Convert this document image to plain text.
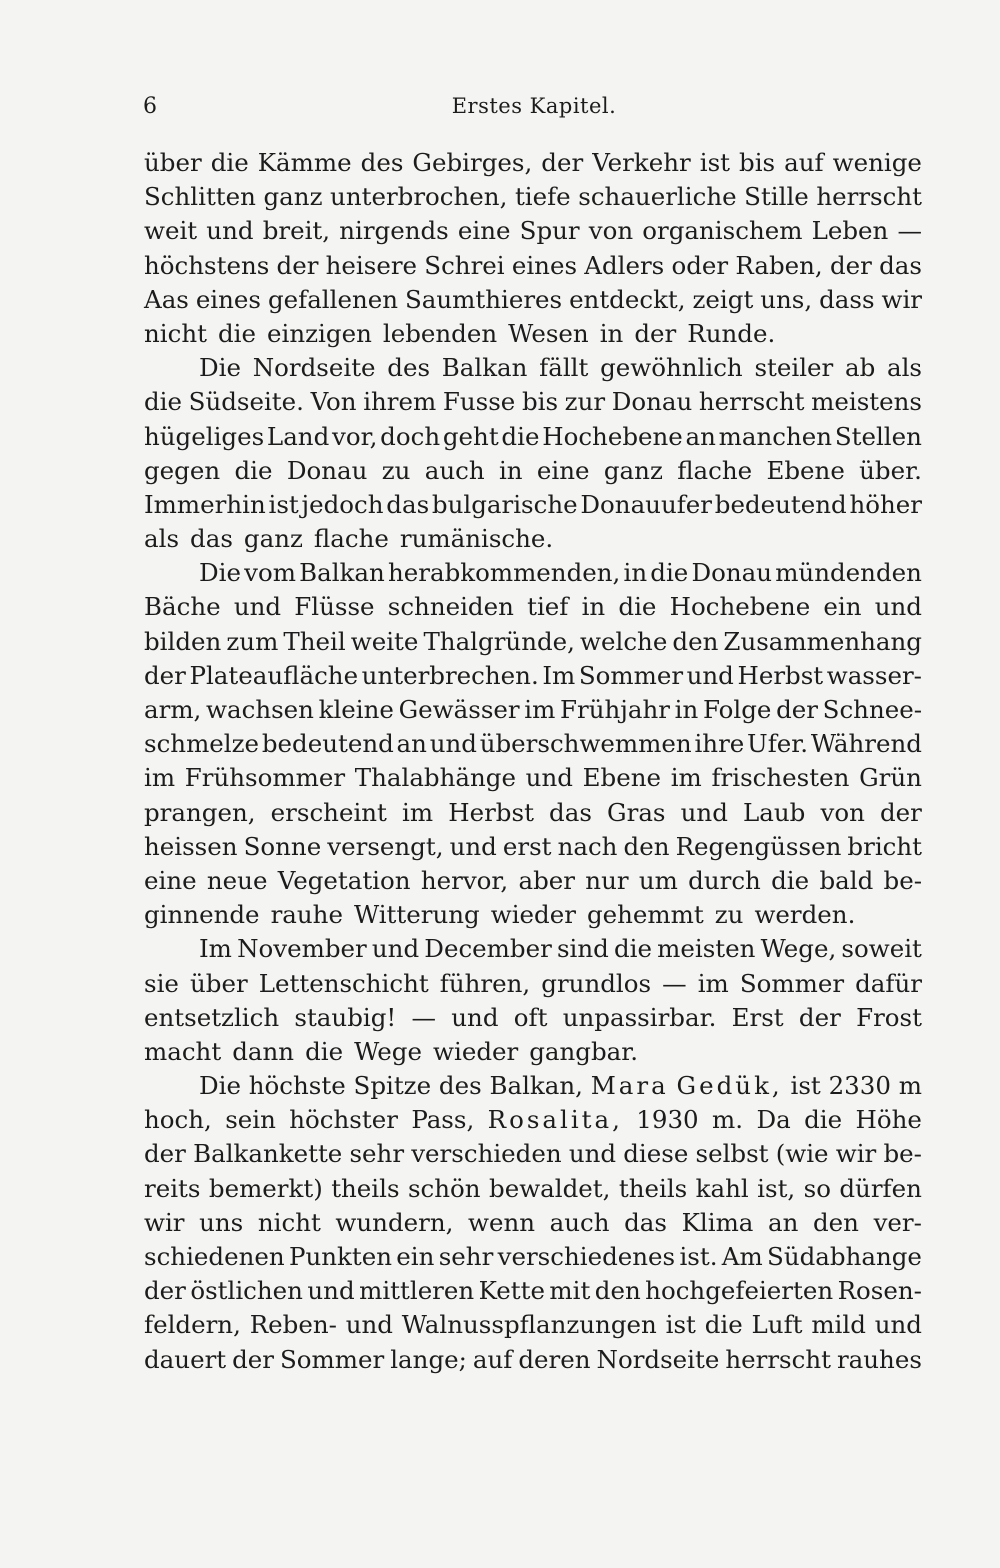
6	Erstes Kapitel.
über die Kämme des Gebirges, der Verkehr ist bis auf wenige
Schlitten ganz unterbrochen, tiefe schauerliche Stille herrscht
weit und breit, nirgends eine Spur von organischem Leben —
höchstens der heisere Schrei eines Adlers oder Raben, der das
Aas eines gefallenen Saumthieres entdeckt, zeigt uns, dass wir
nicht die einzigen lebenden Wesen in der Runde.
Die Nordseite des Balkan fällt gewöhnlich steiler ab als
die Südseite. Von ihrem Fusse bis zur Donau herrscht meistens
hügeliges Land vor, doch geht die Hochebene an manchen Stellen
gegen die Donau zu auch in eine ganz flache Ebene über.
Immerhin ist jedoch das bulgarische Donauufer bedeutend höher
als das ganz flache rumänische.
Die vom Balkan herabkommenden, in die Donau mündenden
Bäche und Flüsse schneiden tief in die Hochebene ein und
bilden zum Theil weite Thalgründe, welche den Zusammenhang
der Plateaufläche unterbrechen. Im Sommer und Herbst wasser-
arm, wachsen kleine Gewässer im Frühjahr in Folge der Schnee-
schmelze bedeutend an und überschwemmen ihre Ufer. Während
im Frühsommer Thalabhänge und Ebene im frischesten Grün
prangen, erscheint im Herbst das Gras und Laub von der
heissen Sonne versengt, und erst nach den Regengüssen bricht
eine neue Vegetation hervor, aber nur um durch die bald be-
ginnende rauhe Witterung wieder gehemmt zu werden.
Im November und December sind die meisten Wege, soweit
sie über Lettenschicht führen, grundlos — im Sommer dafür
entsetzlich staubig! — und oft unpassirbar. Erst der Frost
macht dann die Wege wieder gangbar.
Die höchste Spitze des Balkan, Mara Gedük, ist 2330 m
hoch, sein höchster Pass, Rosalita, 1930 m. Da die Höhe
der Balkankette sehr verschieden und diese selbst (wie wir be-
reits bemerkt) theils schön bewaldet, theils kahl ist, so dürfen
wir uns nicht wundern, wenn auch das Klima an den ver-
schiedenen Punkten ein sehr verschiedenes ist. Am Südabhange
der östlichen und mittleren Kette mit den hochgefeierten Rosen-
feldern, Reben- und Walnusspflanzungen ist die Luft mild und
dauert der Sommer lange; auf deren Nordseite herrscht rauhes
